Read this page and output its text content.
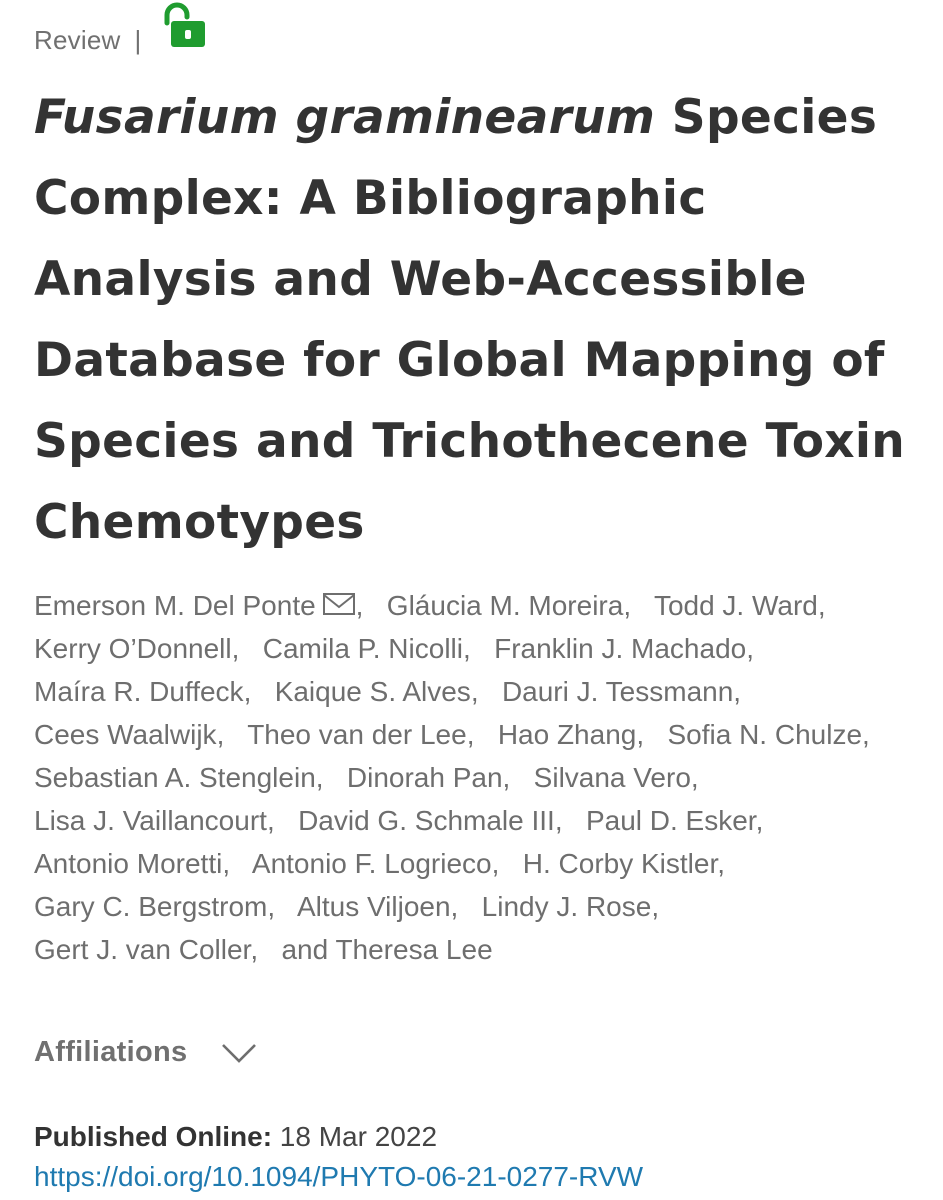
Review |
Fusarium graminearum Species Complex: A Bibliographic Analysis and Web-Accessible Database for Global Mapping of Species and Trichothecene Toxin Chemotypes
Emerson M. Del Ponte , Gláucia M. Moreira, Todd J. Ward,   Kerry O’Donnell, Camila P. Nicolli, Franklin J. Machado,   Maíra R. Duffeck, Kaique S. Alves, Dauri J. Tessmann,   Cees Waalwijk, Theo van der Lee, Hao Zhang, Sofia N. Chulze,   Sebastian A. Stenglein, Dinorah Pan, Silvana Vero,   Lisa J. Vaillancourt, David G. Schmale III, Paul D. Esker,   Antonio Moretti, Antonio F. Logrieco, H. Corby Kistler,   Gary C. Bergstrom, Altus Viljoen, Lindy J. Rose,   Gert J. van Coller, and Theresa Lee
Affiliations
Published Online: 18 Mar 2022
https://doi.org/10.1094/PHYTO-06-21-0277-RVW
